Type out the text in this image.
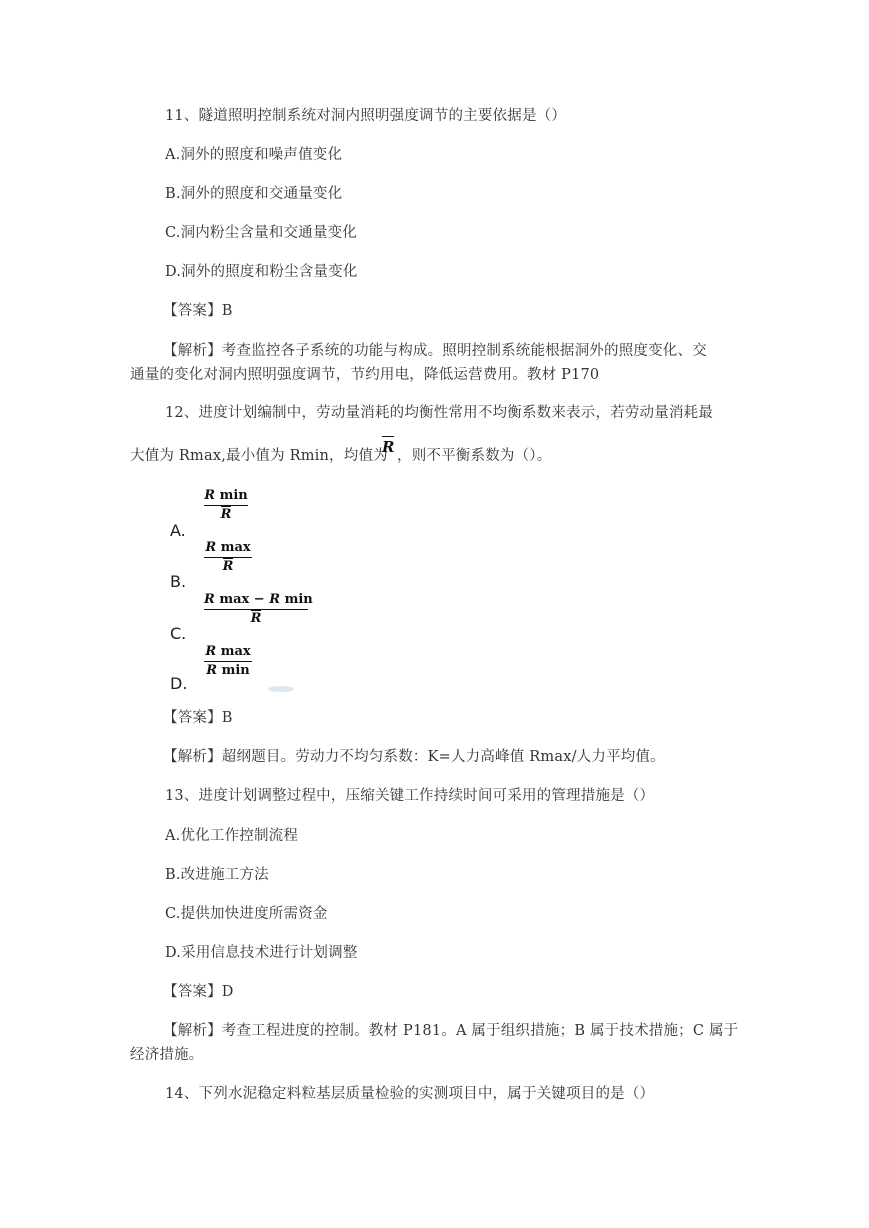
11、隧道照明控制系统对洞内照明强度调节的主要依据是（）
A.洞外的照度和噪声值变化
B.洞外的照度和交通量变化
C.洞内粉尘含量和交通量变化
D.洞外的照度和粉尘含量变化
【答案】B
【解析】考查监控各子系统的功能与构成。照明控制系统能根据洞外的照度变化、交
通量的变化对洞内照明强度调节，节约用电，降低运营费用。教材 P170
12、进度计划编制中，劳动量消耗的均衡性常用不均衡系数来表示，若劳动量消耗最
大值为 Rmax,最小值为 Rmin，均值为
R ，则不平衡系数为（）。
A.
R min
R
B.
R max
R
C.
R max − R min
R
D.
R max
R min
【答案】B
【解析】超纲题目。劳动力不均匀系数：K=人力高峰值 Rmax/人力平均值。
13、进度计划调整过程中，压缩关键工作持续时间可采用的管理措施是（）
A.优化工作控制流程
B.改进施工方法
C.提供加快进度所需资金
D.采用信息技术进行计划调整
【答案】D
【解析】考查工程进度的控制。教材 P181。A 属于组织措施；B 属于技术措施；C 属于
经济措施。
14、下列水泥稳定料粒基层质量检验的实测项目中，属于关键项目的是（）
